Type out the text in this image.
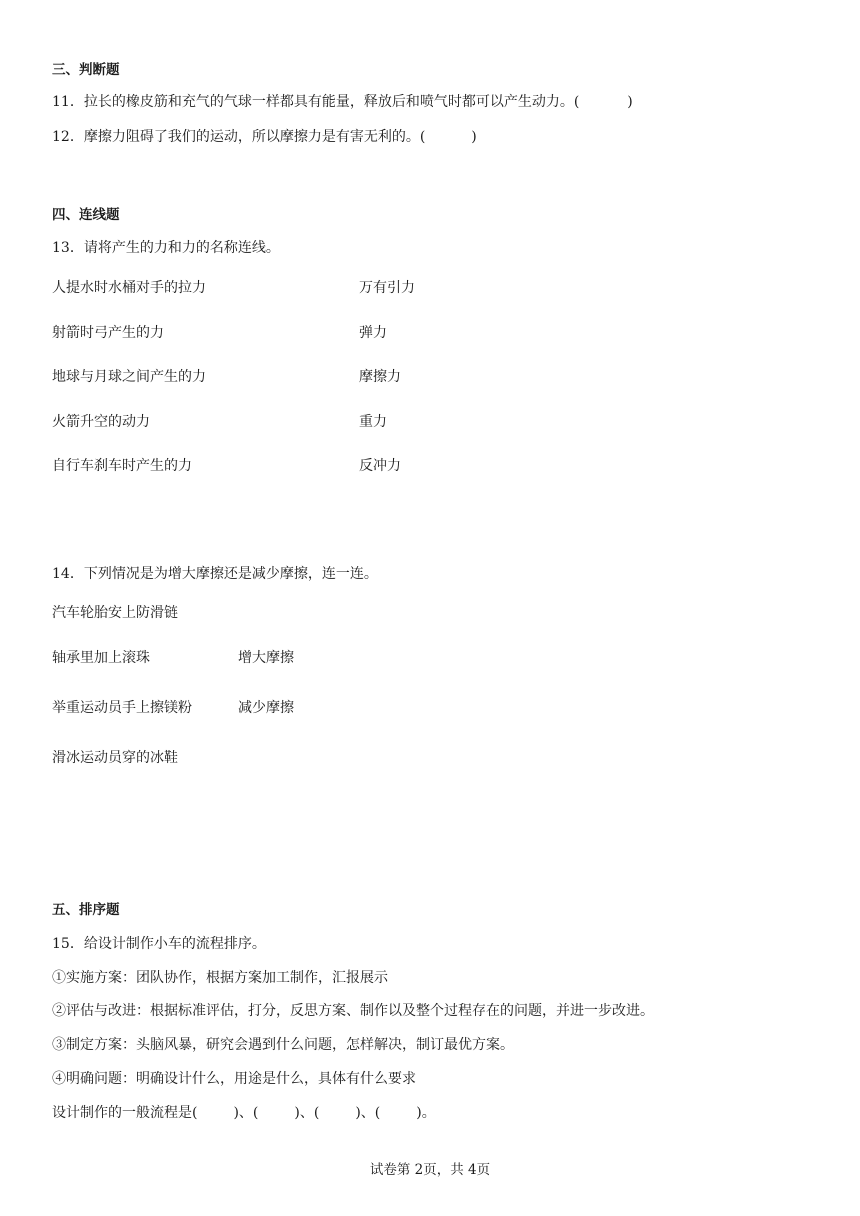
三、判断题
11．拉长的橡皮筋和充气的气球一样都具有能量，释放后和喷气时都可以产生动力。(	)
12．摩擦力阻碍了我们的运动，所以摩擦力是有害无利的。(	)
四、连线题
13．请将产生的力和力的名称连线。
人提水时水桶对手的拉力
射箭时弓产生的力
地球与月球之间产生的力
火箭升空的动力
自行车刹车时产生的力
万有引力
弹力
摩擦力
重力
反冲力
14．下列情况是为增大摩擦还是减少摩擦，连一连。
汽车轮胎安上防滑链
轴承里加上滚珠
举重运动员手上擦镁粉
滑冰运动员穿的冰鞋
增大摩擦
减少摩擦
五、排序题
15．给设计制作小车的流程排序。
①实施方案：团队协作，根据方案加工制作，汇报展示
②评估与改进：根据标准评估，打分，反思方案、制作以及整个过程存在的问题，并进一步改进。
③制定方案：头脑风暴，研究会遇到什么问题，怎样解决，制订最优方案。
④明确问题：明确设计什么，用途是什么，具体有什么要求
设计制作的一般流程是(	)、(	)、(	)、(	)。
试卷第 2页，共 4页
